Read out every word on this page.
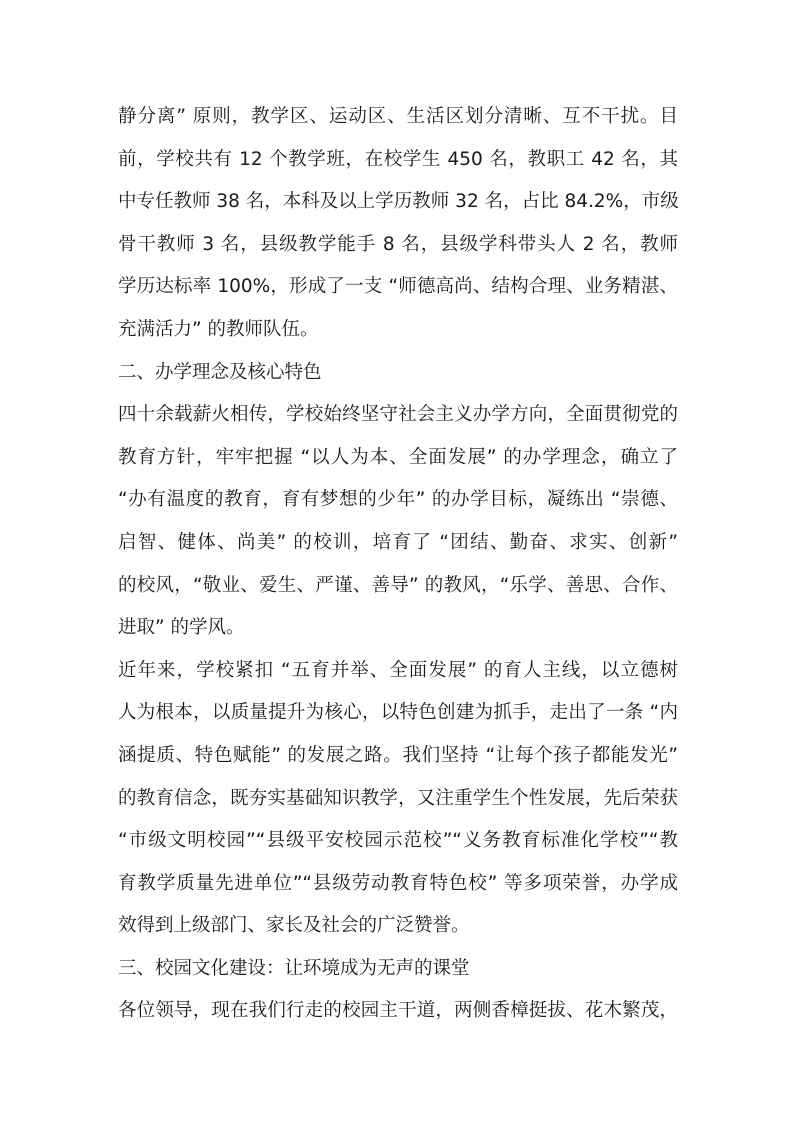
静分离” 原则，教学区、运动区、生活区划分清晰、互不干扰。目
前，学校共有 12 个教学班，在校学生 450 名，教职工 42 名，其
中专任教师 38 名，本科及以上学历教师 32 名，占比 84.2%，市级
骨干教师 3 名，县级教学能手 8 名，县级学科带头人 2 名，教师
学历达标率 100%，形成了一支 “师德高尚、结构合理、业务精湛、
充满活力” 的教师队伍。
二、办学理念及核心特色
四十余载薪火相传，学校始终坚守社会主义办学方向，全面贯彻党的
教育方针，牢牢把握 “以人为本、全面发展” 的办学理念，确立了
“办有温度的教育，育有梦想的少年” 的办学目标，凝练出 “崇德、
启智、健体、尚美” 的校训，培育了 “团结、勤奋、求实、创新”
的校风，“敬业、爱生、严谨、善导” 的教风，“乐学、善思、合作、
进取” 的学风。
近年来，学校紧扣 “五育并举、全面发展” 的育人主线，以立德树
人为根本，以质量提升为核心，以特色创建为抓手，走出了一条 “内
涵提质、特色赋能” 的发展之路。我们坚持 “让每个孩子都能发光”
的教育信念，既夯实基础知识教学，又注重学生个性发展，先后荣获
“市级文明校园”“县级平安校园示范校”“义务教育标准化学校”“教
育教学质量先进单位”“县级劳动教育特色校” 等多项荣誉，办学成
效得到上级部门、家长及社会的广泛赞誉。
三、校园文化建设：让环境成为无声的课堂
各位领导，现在我们行走的校园主干道，两侧香樟挺拔、花木繁茂，
